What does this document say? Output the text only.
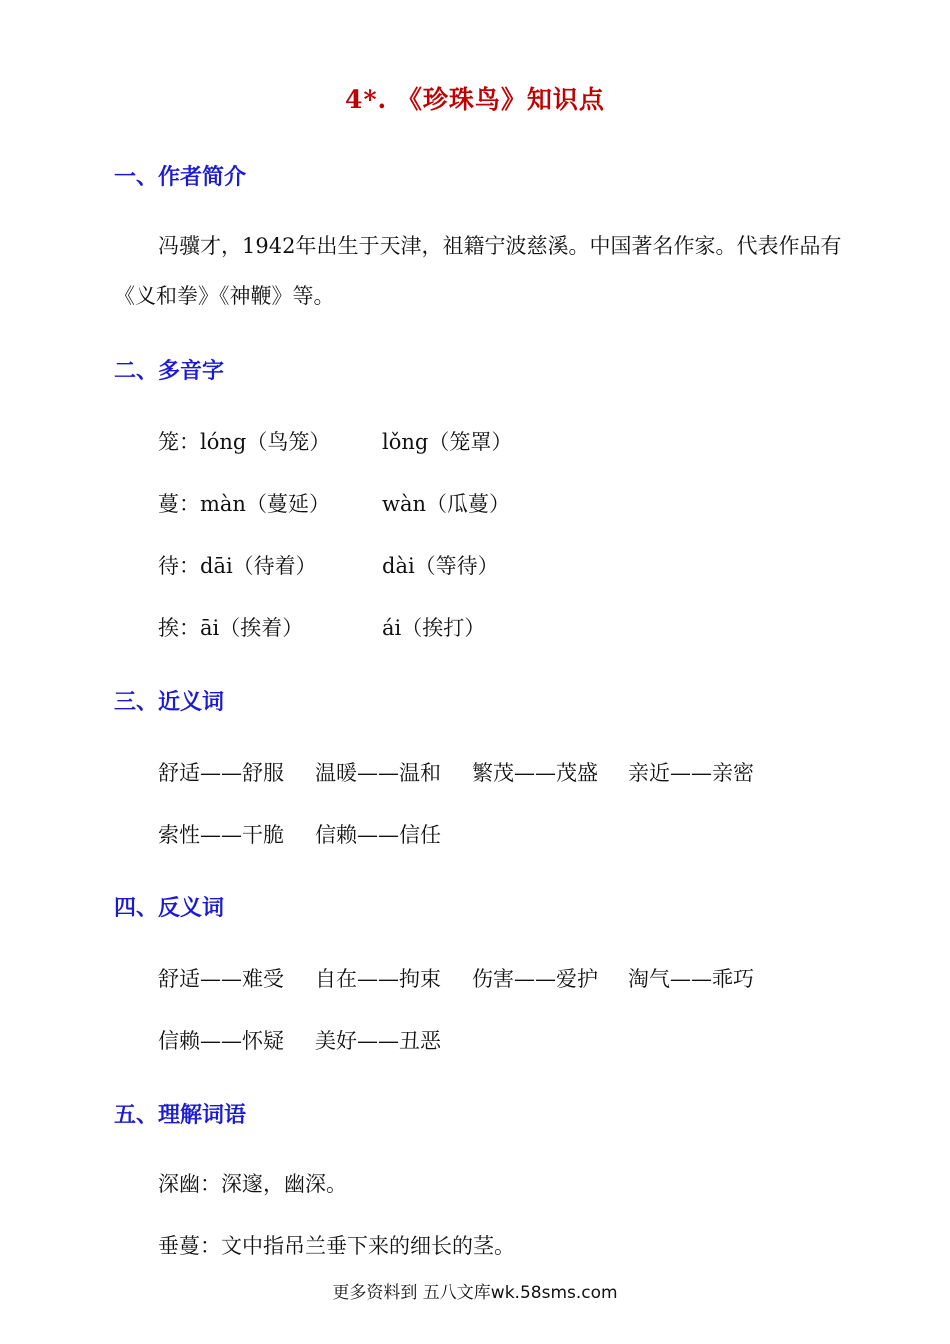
4*. 《珍珠鸟》知识点
一、作者简介
冯骥才，1942年出生于天津，祖籍宁波慈溪。中国著名作家。代表作品有
《义和拳》《神鞭》等。
二、多音字
笼：lóng（鸟笼） lǒng（笼罩）
蔓：màn（蔓延） wàn（瓜蔓）
待：dāi（待着）	dài（等待）
挨：āi（挨着）	ái（挨打）
三、近义词
舒适——舒服 温暖——温和 繁茂——茂盛 亲近——亲密
索性——干脆 信赖——信任
四、反义词
舒适——难受 自在——拘束 伤害——爱护 淘气——乖巧
信赖——怀疑 美好——丑恶
五、理解词语
深幽：深邃，幽深。
垂蔓：文中指吊兰垂下来的细长的茎。
更多资料到 五八文库wk.58sms.com
